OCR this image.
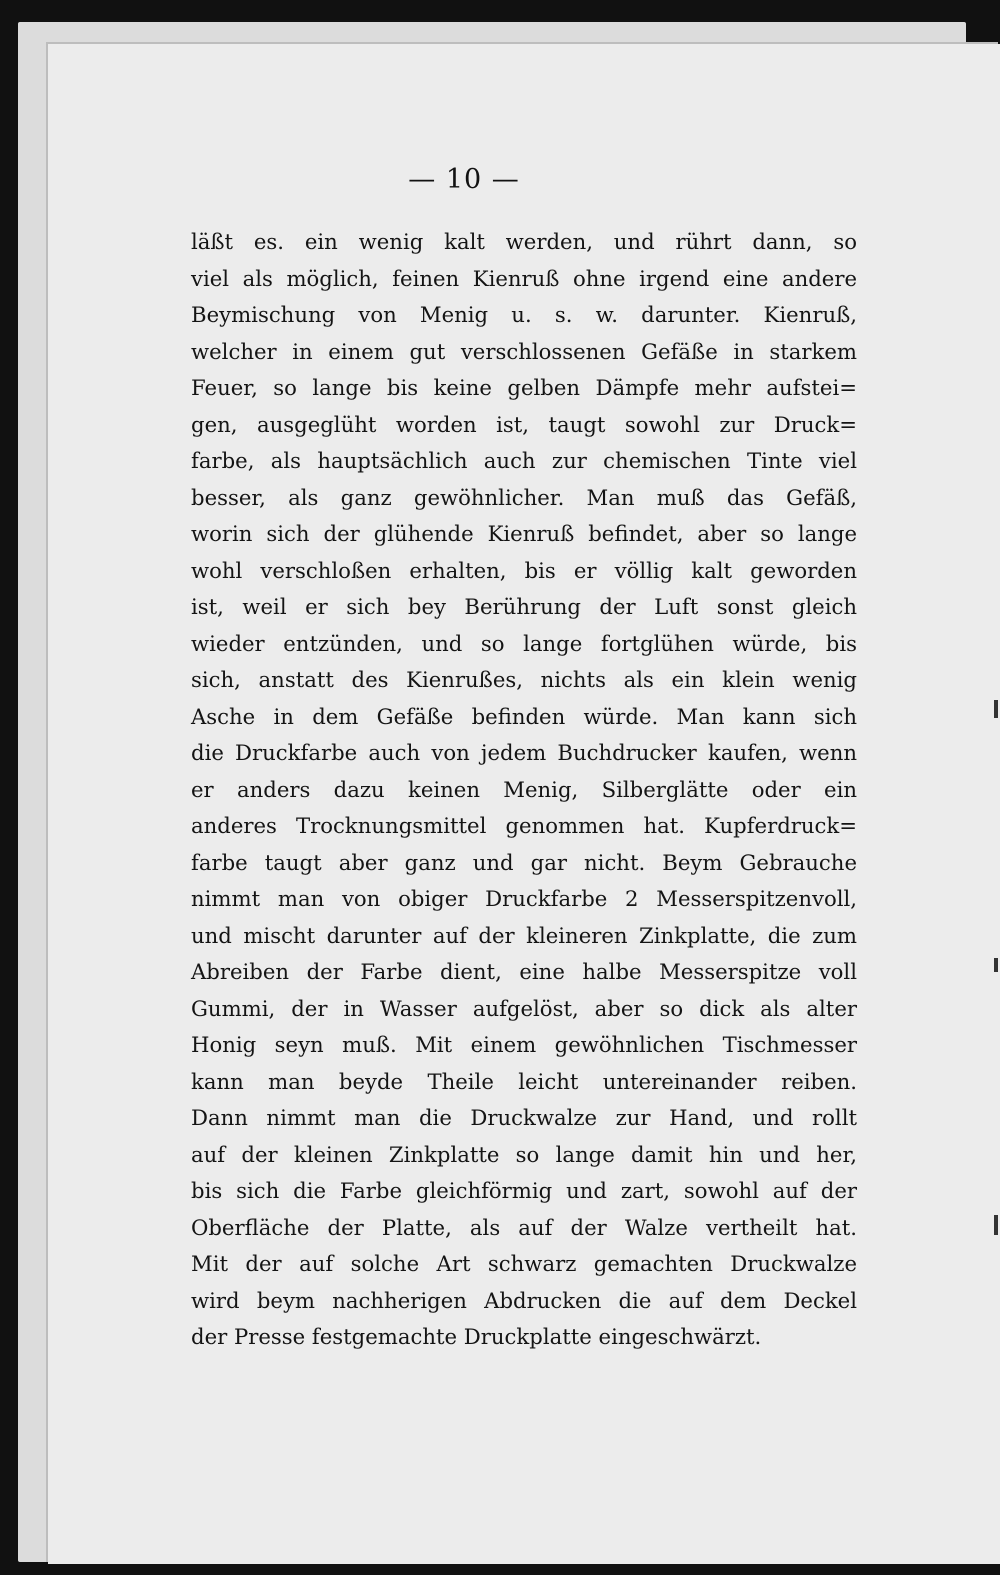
— 10 —
läßt es. ein wenig kalt werden, und rührt dann, so
viel als möglich, feinen Kienruß ohne irgend eine andere
Beymischung von Menig u. s. w. darunter. Kienruß,
welcher in einem gut verschlossenen Gefäße in starkem
Feuer, so lange bis keine gelben Dämpfe mehr aufstei=
gen, ausgeglüht worden ist, taugt sowohl zur Druck=
farbe, als hauptsächlich auch zur chemischen Tinte viel
besser, als ganz gewöhnlicher. Man muß das Gefäß,
worin sich der glühende Kienruß befindet, aber so lange
wohl verschloßen erhalten, bis er völlig kalt geworden
ist, weil er sich bey Berührung der Luft sonst gleich
wieder entzünden, und so lange fortglühen würde, bis
sich, anstatt des Kienrußes, nichts als ein klein wenig
Asche in dem Gefäße befinden würde. Man kann sich
die Druckfarbe auch von jedem Buchdrucker kaufen, wenn
er anders dazu keinen Menig, Silberglätte oder ein
anderes Trocknungsmittel genommen hat. Kupferdruck=
farbe taugt aber ganz und gar nicht. Beym Gebrauche
nimmt man von obiger Druckfarbe 2 Messerspitzenvoll,
und mischt darunter auf der kleineren Zinkplatte, die zum
Abreiben der Farbe dient, eine halbe Messerspitze voll
Gummi, der in Wasser aufgelöst, aber so dick als alter
Honig seyn muß. Mit einem gewöhnlichen Tischmesser
kann man beyde Theile leicht untereinander reiben.
Dann nimmt man die Druckwalze zur Hand, und rollt
auf der kleinen Zinkplatte so lange damit hin und her,
bis sich die Farbe gleichförmig und zart, sowohl auf der
Oberfläche der Platte, als auf der Walze vertheilt hat.
Mit der auf solche Art schwarz gemachten Druckwalze
wird beym nachherigen Abdrucken die auf dem Deckel
der Presse festgemachte Druckplatte eingeschwärzt.
